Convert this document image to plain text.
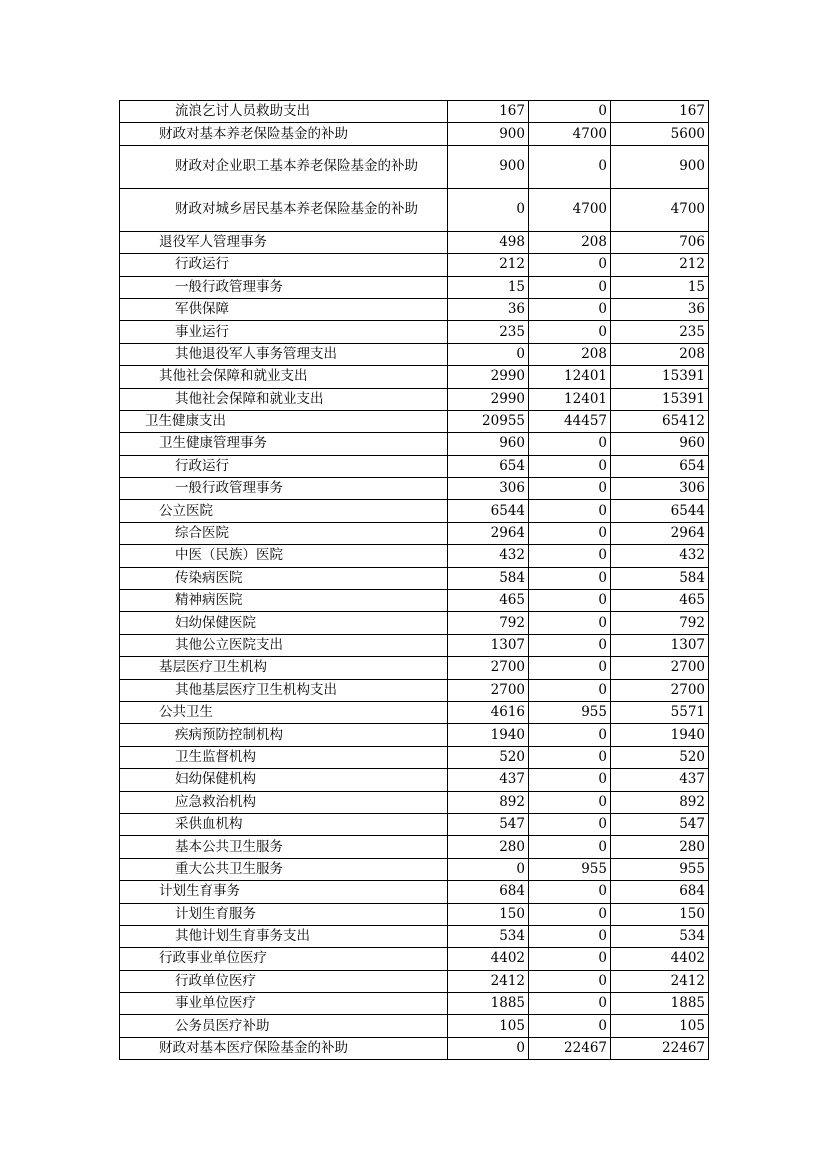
流浪乞讨人员救助支出	167	0	167
财政对基本养老保险基金的补助	900	4700	5600
财政对企业职工基本养老保险基金的补助	900	0	900
财政对城乡居民基本养老保险基金的补助	0	4700	4700
退役军人管理事务	498	208	706
行政运行	212	0	212
一般行政管理事务	15	0	15
军供保障	36	0	36
事业运行	235	0	235
其他退役军人事务管理支出	0	208	208
其他社会保障和就业支出	2990	12401	15391
其他社会保障和就业支出	2990	12401	15391
卫生健康支出	20955	44457	65412
卫生健康管理事务	960	0	960
行政运行	654	0	654
一般行政管理事务	306	0	306
公立医院	6544	0	6544
综合医院	2964	0	2964
中医（民族）医院	432	0	432
传染病医院	584	0	584
精神病医院	465	0	465
妇幼保健医院	792	0	792
其他公立医院支出	1307	0	1307
基层医疗卫生机构	2700	0	2700
其他基层医疗卫生机构支出	2700	0	2700
公共卫生	4616	955	5571
疾病预防控制机构	1940	0	1940
卫生监督机构	520	0	520
妇幼保健机构	437	0	437
应急救治机构	892	0	892
采供血机构	547	0	547
基本公共卫生服务	280	0	280
重大公共卫生服务	0	955	955
计划生育事务	684	0	684
计划生育服务	150	0	150
其他计划生育事务支出	534	0	534
行政事业单位医疗	4402	0	4402
行政单位医疗	2412	0	2412
事业单位医疗	1885	0	1885
公务员医疗补助	105	0	105
财政对基本医疗保险基金的补助	0	22467	22467
